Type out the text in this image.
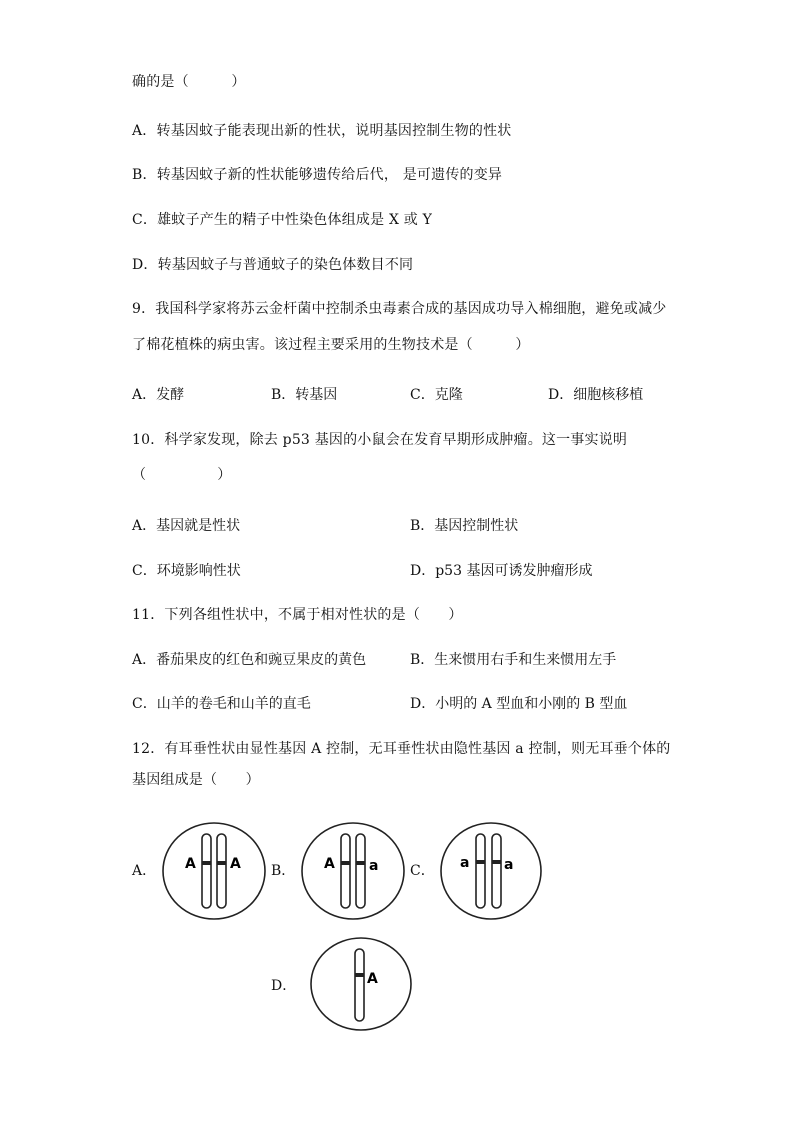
确的是（　　　）
A．转基因蚊子能表现出新的性状，说明基因控制生物的性状
B．转基因蚊子新的性状能够遗传给后代， 是可遗传的变异
C．雄蚊子产生的精子中性染色体组成是 X 或 Y
D．转基因蚊子与普通蚊子的染色体数目不同
9．我国科学家将苏云金杆菌中控制杀虫毒素合成的基因成功导入棉细胞，避免或减少
了棉花植株的病虫害。该过程主要采用的生物技术是（　　　）
A．发酵	B．转基因	C．克隆	D．细胞核移植
10．科学家发现，除去 p53 基因的小鼠会在发育早期形成肿瘤。这一事实说明
（　　　　　）
A．基因就是性状	B．基因控制性状
C．环境影响性状	D．p53 基因可诱发肿瘤形成
11．下列各组性状中，不属于相对性状的是（　　）
A．番茄果皮的红色和豌豆果皮的黄色	B．生来惯用右手和生来惯用左手
C．山羊的卷毛和山羊的直毛	D．小明的 A 型血和小刚的 B 型血
12．有耳垂性状由显性基因 A 控制，无耳垂性状由隐性基因 a 控制，则无耳垂个体的
基因组成是（　　）
A． A A B． A a C． a a
D．	A
